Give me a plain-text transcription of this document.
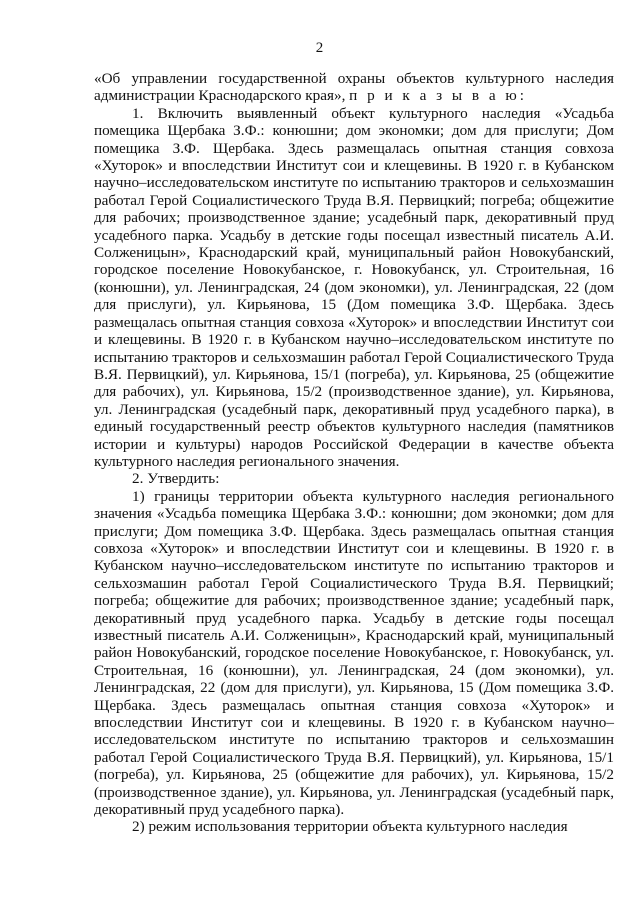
2

«Об управлении государственной охраны объектов культурного наследия администрации Краснодарского края», п р и к а з ы в а ю:

1. Включить выявленный объект культурного наследия «Усадьба помещика Щербака З.Ф.: конюшни; дом экономки; дом для прислуги; Дом помещика З.Ф. Щербака. Здесь размещалась опытная станция совхоза «Хуторок» и впоследствии Институт сои и клещевины. В 1920 г. в Кубанском научно–исследовательском институте по испытанию тракторов и сельхозмашин работал Герой Социалистического Труда В.Я. Первицкий; погреба; общежитие для рабочих; производственное здание; усадебный парк, декоративный пруд усадебного парка. Усадьбу в детские годы посещал известный писатель А.И. Солженицын», Краснодарский край, муниципальный район Новокубанский, городское поселение Новокубанское, г. Новокубанск, ул. Строительная, 16 (конюшни), ул. Ленинградская, 24 (дом экономки), ул. Ленинградская, 22 (дом для прислуги), ул. Кирьянова, 15 (Дом помещика З.Ф. Щербака. Здесь размещалась опытная станция совхоза «Хуторок» и впоследствии Институт сои и клещевины. В 1920 г. в Кубанском научно–исследовательском институте по испытанию тракторов и сельхозмашин работал Герой Социалистического Труда В.Я. Первицкий), ул. Кирьянова, 15/1 (погреба), ул. Кирьянова, 25 (общежитие для рабочих), ул. Кирьянова, 15/2 (производственное здание), ул. Кирьянова, ул. Ленинградская (усадебный парк, декоративный пруд усадебного парка), в единый государственный реестр объектов культурного наследия (памятников истории и культуры) народов Российской Федерации в качестве объекта культурного наследия регионального значения.

2. Утвердить:

1) границы территории объекта культурного наследия регионального значения «Усадьба помещика Щербака З.Ф.: конюшни; дом экономки; дом для прислуги; Дом помещика З.Ф. Щербака. Здесь размещалась опытная станция совхоза «Хуторок» и впоследствии Институт сои и клещевины. В 1920 г. в Кубанском научно–исследовательском институте по испытанию тракторов и сельхозмашин работал Герой Социалистического Труда В.Я. Первицкий; погреба; общежитие для рабочих; производственное здание; усадебный парк, декоративный пруд усадебного парка. Усадьбу в детские годы посещал известный писатель А.И. Солженицын», Краснодарский край, муниципальный район Новокубанский, городское поселение Новокубанское, г. Новокубанск, ул. Строительная, 16 (конюшни), ул. Ленинградская, 24 (дом экономки), ул. Ленинградская, 22 (дом для прислуги), ул. Кирьянова, 15 (Дом помещика З.Ф. Щербака. Здесь размещалась опытная станция совхоза «Хуторок» и впоследствии Институт сои и клещевины. В 1920 г. в Кубанском научно–исследовательском институте по испытанию тракторов и сельхозмашин работал Герой Социалистического Труда В.Я. Первицкий), ул. Кирьянова, 15/1 (погреба), ул. Кирьянова, 25 (общежитие для рабочих), ул. Кирьянова, 15/2 (производственное здание), ул. Кирьянова, ул. Ленинградская (усадебный парк, декоративный пруд усадебного парка).

2) режим использования территории объекта культурного наследия
